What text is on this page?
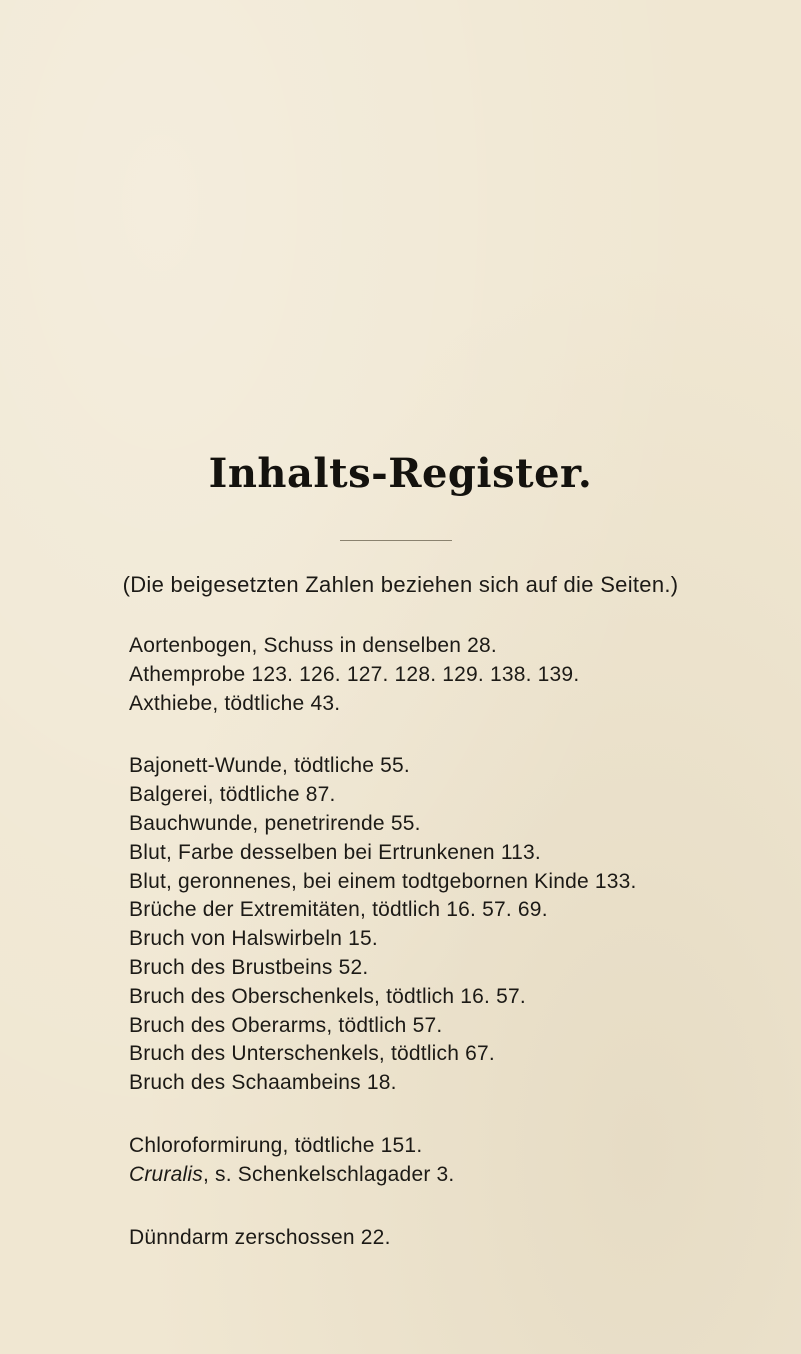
Inhalts-Register.
(Die beigesetzten Zahlen beziehen sich auf die Seiten.)
Aortenbogen, Schuss in denselben 28.
Athemprobe 123. 126. 127. 128. 129. 138. 139.
Axthiebe, tödtliche 43.
Bajonett-Wunde, tödtliche 55.
Balgerei, tödtliche 87.
Bauchwunde, penetrirende 55.
Blut, Farbe desselben bei Ertrunkenen 113.
Blut, geronnenes, bei einem todtgebornen Kinde 133.
Brüche der Extremitäten, tödtlich 16. 57. 69.
Bruch von Halswirbeln 15.
Bruch des Brustbeins 52.
Bruch des Oberschenkels, tödtlich 16. 57.
Bruch des Oberarms, tödtlich 57.
Bruch des Unterschenkels, tödtlich 67.
Bruch des Schaambeins 18.
Chloroformirung, tödtliche 151.
Cruralis, s. Schenkelschlagader 3.
Dünndarm zerschossen 22.
